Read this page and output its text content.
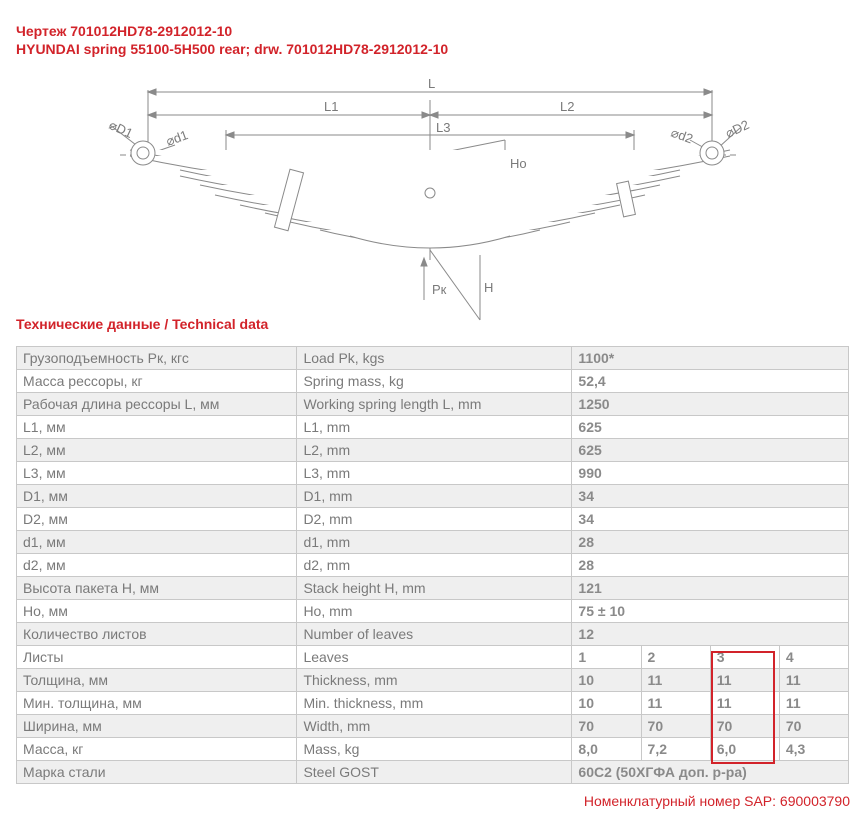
Чертеж 701012HD78-2912012-10
HYUNDAI spring 55100-5H500 rear; drw. 701012HD78-2912012-10
L
L1	L2
L3
⌀D1 ⌀d1	⌀d2 ⌀D2
Ho
Pк	H
Технические данные / Technical data
Грузоподъемность Pк, кгс	Load Pk, kgs	1100*			
Масса рессоры, кг	Spring mass, kg	52,4			
Рабочая длина рессоры L, мм	Working spring length L, mm	1250			
L1, мм	L1, mm	625			
L2, мм	L2, mm	625			
L3, мм	L3, mm	990			
D1, мм	D1, mm	34			
D2, мм	D2, mm	34			
d1, мм	d1, mm	28			
d2, мм	d2, mm	28			
Высота пакета H, мм	Stack height H, mm	121			
Ho, мм	Ho, mm	75 ± 10			
Количество листов	Number of leaves	12			
Листы	Leaves	1	2	3	4
Толщина, мм	Thickness, mm	10	11	11	11
Мин. толщина, мм	Min. thickness, mm	10	11	11	11
Ширина, мм	Width, mm	70	70	70	70
Масса, кг	Mass, kg	8,0	7,2	6,0	4,3
Марка стали	Steel GOST	60С2 (50ХГФА доп. р-ра)			
Номенклатурный номер SAP: 690003790
